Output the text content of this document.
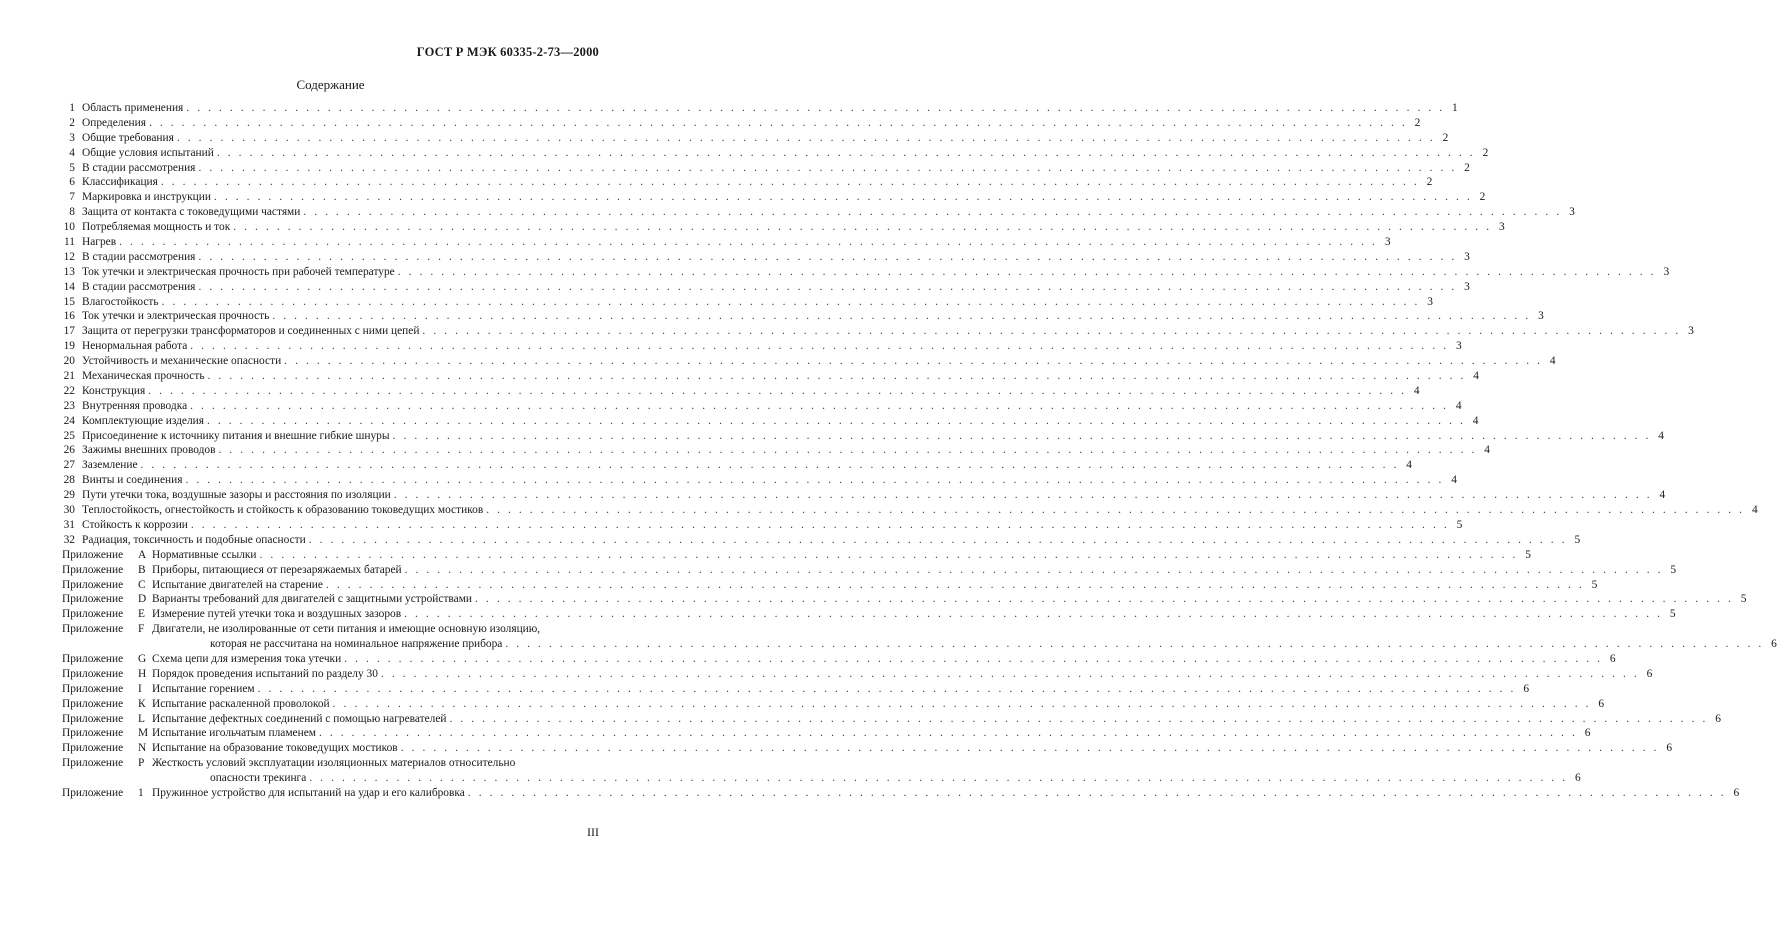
ГОСТ Р МЭК 60335-2-73—2000
Содержание
1 Область применения . . . . . . . . . . . . . . . . . . . . . . . . . . . . . . . . . . . . . . . . . . . . . . . . . . . . . . . . . . . . . . . . . . . . . . . . . . . . . . . . . . . . . . . . . . . . . . . . . . . . . . . . . . . . . . . . . . . . 1
2 Определения . . . . . . . . . . . . . . . . . . . . . . . . . . . . . . . . . . . . . . . . . . . . . . . . . . . . . . . . . . . . . . . . . . . . . . . . . . . . . . . . . . . . . . . . . . . . . . . . . . . . . . . . . . . . . . . . . . . . 2
3 Общие требования . . . . . . . . . . . . . . . . . . . . . . . . . . . . . . . . . . . . . . . . . . . . . . . . . . . . . . . . . . . . . . . . . . . . . . . . . . . . . . . . . . . . . . . . . . . . . . . . . . . . . . . . . . . . . . . . . . . . 2
4 Общие условия испытаний . . . . . . . . . . . . . . . . . . . . . . . . . . . . . . . . . . . . . . . . . . . . . . . . . . . . . . . . . . . . . . . . . . . . . . . . . . . . . . . . . . . . . . . . . . . . . . . . . . . . . . . . . . . . . . . . . . . . 2
5 В стадии рассмотрения . . . . . . . . . . . . . . . . . . . . . . . . . . . . . . . . . . . . . . . . . . . . . . . . . . . . . . . . . . . . . . . . . . . . . . . . . . . . . . . . . . . . . . . . . . . . . . . . . . . . . . . . . . . . . . . . . . . . 2
6 Классификация . . . . . . . . . . . . . . . . . . . . . . . . . . . . . . . . . . . . . . . . . . . . . . . . . . . . . . . . . . . . . . . . . . . . . . . . . . . . . . . . . . . . . . . . . . . . . . . . . . . . . . . . . . . . . . . . . . . . 2
7 Маркировка и инструкции . . . . . . . . . . . . . . . . . . . . . . . . . . . . . . . . . . . . . . . . . . . . . . . . . . . . . . . . . . . . . . . . . . . . . . . . . . . . . . . . . . . . . . . . . . . . . . . . . . . . . . . . . . . . . . . . . . . . 2
8 Защита от контакта с токоведущими частями . . . . . . . . . . . . . . . . . . . . . . . . . . . . . . . . . . . . . . . . . . . . . . . . . . . . . . . . . . . . . . . . . . . . . . . . . . . . . . . . . . . . . . . . . . . . . . . . . . . . . . . . . . . . . . . . . . . . 3
10 Потребляемая мощность и ток . . . . . . . . . . . . . . . . . . . . . . . . . . . . . . . . . . . . . . . . . . . . . . . . . . . . . . . . . . . . . . . . . . . . . . . . . . . . . . . . . . . . . . . . . . . . . . . . . . . . . . . . . . . . . . . . . . . . 3
11 Нагрев . . . . . . . . . . . . . . . . . . . . . . . . . . . . . . . . . . . . . . . . . . . . . . . . . . . . . . . . . . . . . . . . . . . . . . . . . . . . . . . . . . . . . . . . . . . . . . . . . . . . . . . . . . . . . . . . . . . . 3
12 В стадии рассмотрения . . . . . . . . . . . . . . . . . . . . . . . . . . . . . . . . . . . . . . . . . . . . . . . . . . . . . . . . . . . . . . . . . . . . . . . . . . . . . . . . . . . . . . . . . . . . . . . . . . . . . . . . . . . . . . . . . . . . 3
13 Ток утечки и электрическая прочность при рабочей температуре . . . . . . . . . . . . . . . . . . . . . . . . . . . . . . . . . . . . . . . . . . . . . . . . . . . . . . . . . . . . . . . . . . . . . . . . . . . . . . . . . . . . . . . . . . . . . . . . . . . . . . . . . . . . . . . . . . . . 3
14 В стадии рассмотрения . . . . . . . . . . . . . . . . . . . . . . . . . . . . . . . . . . . . . . . . . . . . . . . . . . . . . . . . . . . . . . . . . . . . . . . . . . . . . . . . . . . . . . . . . . . . . . . . . . . . . . . . . . . . . . . . . . . . 3
15 Влагостойкость . . . . . . . . . . . . . . . . . . . . . . . . . . . . . . . . . . . . . . . . . . . . . . . . . . . . . . . . . . . . . . . . . . . . . . . . . . . . . . . . . . . . . . . . . . . . . . . . . . . . . . . . . . . . . . . . . . . . 3
16 Ток утечки и электрическая прочность . . . . . . . . . . . . . . . . . . . . . . . . . . . . . . . . . . . . . . . . . . . . . . . . . . . . . . . . . . . . . . . . . . . . . . . . . . . . . . . . . . . . . . . . . . . . . . . . . . . . . . . . . . . . . . . . . . . . 3
17 Защита от перегрузки трансформаторов и соединенных с ними цепей . . . . . . . . . . . . . . . . . . . . . . . . . . . . . . . . . . . . . . . . . . . . . . . . . . . . . . . . . . . . . . . . . . . . . . . . . . . . . . . . . . . . . . . . . . . . . . . . . . . . . . . . . . . . . . . . . . . . 3
19 Ненормальная работа . . . . . . . . . . . . . . . . . . . . . . . . . . . . . . . . . . . . . . . . . . . . . . . . . . . . . . . . . . . . . . . . . . . . . . . . . . . . . . . . . . . . . . . . . . . . . . . . . . . . . . . . . . . . . . . . . . . . 3
20 Устойчивость и механические опасности . . . . . . . . . . . . . . . . . . . . . . . . . . . . . . . . . . . . . . . . . . . . . . . . . . . . . . . . . . . . . . . . . . . . . . . . . . . . . . . . . . . . . . . . . . . . . . . . . . . . . . . . . . . . . . . . . . . . 4
21 Механическая прочность . . . . . . . . . . . . . . . . . . . . . . . . . . . . . . . . . . . . . . . . . . . . . . . . . . . . . . . . . . . . . . . . . . . . . . . . . . . . . . . . . . . . . . . . . . . . . . . . . . . . . . . . . . . . . . . . . . . . 4
22 Конструкция . . . . . . . . . . . . . . . . . . . . . . . . . . . . . . . . . . . . . . . . . . . . . . . . . . . . . . . . . . . . . . . . . . . . . . . . . . . . . . . . . . . . . . . . . . . . . . . . . . . . . . . . . . . . . . . . . . . . 4
23 Внутренняя проводка . . . . . . . . . . . . . . . . . . . . . . . . . . . . . . . . . . . . . . . . . . . . . . . . . . . . . . . . . . . . . . . . . . . . . . . . . . . . . . . . . . . . . . . . . . . . . . . . . . . . . . . . . . . . . . . . . . . . 4
24 Комплектующие изделия . . . . . . . . . . . . . . . . . . . . . . . . . . . . . . . . . . . . . . . . . . . . . . . . . . . . . . . . . . . . . . . . . . . . . . . . . . . . . . . . . . . . . . . . . . . . . . . . . . . . . . . . . . . . . . . . . . . . 4
25 Присоединение к источнику питания и внешние гибкие шнуры . . . . . . . . . . . . . . . . . . . . . . . . . . . . . . . . . . . . . . . . . . . . . . . . . . . . . . . . . . . . . . . . . . . . . . . . . . . . . . . . . . . . . . . . . . . . . . . . . . . . . . . . . . . . . . . . . . . . 4
26 Зажимы внешних проводов . . . . . . . . . . . . . . . . . . . . . . . . . . . . . . . . . . . . . . . . . . . . . . . . . . . . . . . . . . . . . . . . . . . . . . . . . . . . . . . . . . . . . . . . . . . . . . . . . . . . . . . . . . . . . . . . . . . . 4
27 Заземление . . . . . . . . . . . . . . . . . . . . . . . . . . . . . . . . . . . . . . . . . . . . . . . . . . . . . . . . . . . . . . . . . . . . . . . . . . . . . . . . . . . . . . . . . . . . . . . . . . . . . . . . . . . . . . . . . . . . 4
28 Винты и соединения . . . . . . . . . . . . . . . . . . . . . . . . . . . . . . . . . . . . . . . . . . . . . . . . . . . . . . . . . . . . . . . . . . . . . . . . . . . . . . . . . . . . . . . . . . . . . . . . . . . . . . . . . . . . . . . . . . . . 4
29 Пути утечки тока, воздушные зазоры и расстояния по изоляции . . . . . . . . . . . . . . . . . . . . . . . . . . . . . . . . . . . . . . . . . . . . . . . . . . . . . . . . . . . . . . . . . . . . . . . . . . . . . . . . . . . . . . . . . . . . . . . . . . . . . . . . . . . . . . . . . . . . 4
30 Теплостойкость, огнестойкость и стойкость к образованию токоведущих мостиков . . . . . . . . . . . . . . . . . . . . . . . . . . . . . . . . . . . . . . . . . . . . . . . . . . . . . . . . . . . . . . . . . . . . . . . . . . . . . . . . . . . . . . . . . . . . . . . . . . . . . . . . . . . . . . . . . . . . 4
31 Стойкость к коррозии . . . . . . . . . . . . . . . . . . . . . . . . . . . . . . . . . . . . . . . . . . . . . . . . . . . . . . . . . . . . . . . . . . . . . . . . . . . . . . . . . . . . . . . . . . . . . . . . . . . . . . . . . . . . . . . . . . . . 5
32 Радиация, токсичность и подобные опасности . . . . . . . . . . . . . . . . . . . . . . . . . . . . . . . . . . . . . . . . . . . . . . . . . . . . . . . . . . . . . . . . . . . . . . . . . . . . . . . . . . . . . . . . . . . . . . . . . . . . . . . . . . . . . . . . . . . . 5
Приложение А Нормативные ссылки . . . . . . . . . . . . . . . . . . . . . . . . . . . . . . . . . . . . . . . . . . . . . . . . . . . . . . . . . . . . . . . . . . . . . . . . . . . . . . . . . . . . . . . . . . . . . . . . . . . . . . . . . . . . . . . . . . . . 5
Приложение В Приборы, питающиеся от перезаряжаемых батарей . . . . . . . . . . . . . . . . . . . . . . . . . . . . . . . . . . . . . . . . . . . . . . . . . . . . . . . . . . . . . . . . . . . . . . . . . . . . . . . . . . . . . . . . . . . . . . . . . . . . . . . . . . . . . . . . . . . . 5
Приложение С Испытание двигателей на старение . . . . . . . . . . . . . . . . . . . . . . . . . . . . . . . . . . . . . . . . . . . . . . . . . . . . . . . . . . . . . . . . . . . . . . . . . . . . . . . . . . . . . . . . . . . . . . . . . . . . . . . . . . . . . . . . . . . . 5
Приложение D Варианты требований для двигателей с защитными устройствами . . . . . . . . . . . . . . . . . . . . . . . . . . . . . . . . . . . . . . . . . . . . . . . . . . . . . . . . . . . . . . . . . . . . . . . . . . . . . . . . . . . . . . . . . . . . . . . . . . . . . . . . . . . . . . . . . . . . 5
Приложение Е Измерение путей утечки тока и воздушных зазоров . . . . . . . . . . . . . . . . . . . . . . . . . . . . . . . . . . . . . . . . . . . . . . . . . . . . . . . . . . . . . . . . . . . . . . . . . . . . . . . . . . . . . . . . . . . . . . . . . . . . . . . . . . . . . . . . . . . . 5
Приложение F Двигатели, не изолированные от сети питания и имеющие основную изоляцию,
которая не рассчитана на номинальное напряжение прибора . . . . . . . . . . . . . . . . . . . . . . . . . . . . . . . . . . . . . . . . . . . . . . . . . . . . . . . . . . . . . . . . . . . . . . . . . . . . . . . . . . . . . . . . . . . . . . . . . . . . . . . . . . . . . . . . . . . . 6
Приложение G Схема цепи для измерения тока утечки . . . . . . . . . . . . . . . . . . . . . . . . . . . . . . . . . . . . . . . . . . . . . . . . . . . . . . . . . . . . . . . . . . . . . . . . . . . . . . . . . . . . . . . . . . . . . . . . . . . . . . . . . . . . . . . . . . . . 6
Приложение Н Порядок проведения испытаний по разделу 30 . . . . . . . . . . . . . . . . . . . . . . . . . . . . . . . . . . . . . . . . . . . . . . . . . . . . . . . . . . . . . . . . . . . . . . . . . . . . . . . . . . . . . . . . . . . . . . . . . . . . . . . . . . . . . . . . . . . . 6
Приложение I Испытание горением . . . . . . . . . . . . . . . . . . . . . . . . . . . . . . . . . . . . . . . . . . . . . . . . . . . . . . . . . . . . . . . . . . . . . . . . . . . . . . . . . . . . . . . . . . . . . . . . . . . . . . . . . . . . . . . . . . . . 6
Приложение К Испытание раскаленной проволокой . . . . . . . . . . . . . . . . . . . . . . . . . . . . . . . . . . . . . . . . . . . . . . . . . . . . . . . . . . . . . . . . . . . . . . . . . . . . . . . . . . . . . . . . . . . . . . . . . . . . . . . . . . . . . . . . . . . . 6
Приложение L Испытание дефектных соединений с помощью нагревателей . . . . . . . . . . . . . . . . . . . . . . . . . . . . . . . . . . . . . . . . . . . . . . . . . . . . . . . . . . . . . . . . . . . . . . . . . . . . . . . . . . . . . . . . . . . . . . . . . . . . . . . . . . . . . . . . . . . . 6
Приложение М Испытание игольчатым пламенем . . . . . . . . . . . . . . . . . . . . . . . . . . . . . . . . . . . . . . . . . . . . . . . . . . . . . . . . . . . . . . . . . . . . . . . . . . . . . . . . . . . . . . . . . . . . . . . . . . . . . . . . . . . . . . . . . . . . 6
Приложение N Испытание на образование токоведущих мостиков . . . . . . . . . . . . . . . . . . . . . . . . . . . . . . . . . . . . . . . . . . . . . . . . . . . . . . . . . . . . . . . . . . . . . . . . . . . . . . . . . . . . . . . . . . . . . . . . . . . . . . . . . . . . . . . . . . . . 6
Приложение Р Жесткость условий эксплуатации изоляционных материалов относительно
опасности трекинга . . . . . . . . . . . . . . . . . . . . . . . . . . . . . . . . . . . . . . . . . . . . . . . . . . . . . . . . . . . . . . . . . . . . . . . . . . . . . . . . . . . . . . . . . . . . . . . . . . . . . . . . . . . . . . . . . . . . 6
Приложение 1 Пружинное устройство для испытаний на удар и его калибровка . . . . . . . . . . . . . . . . . . . . . . . . . . . . . . . . . . . . . . . . . . . . . . . . . . . . . . . . . . . . . . . . . . . . . . . . . . . . . . . . . . . . . . . . . . . . . . . . . . . . . . . . . . . . . . . . . . . . 6
III
